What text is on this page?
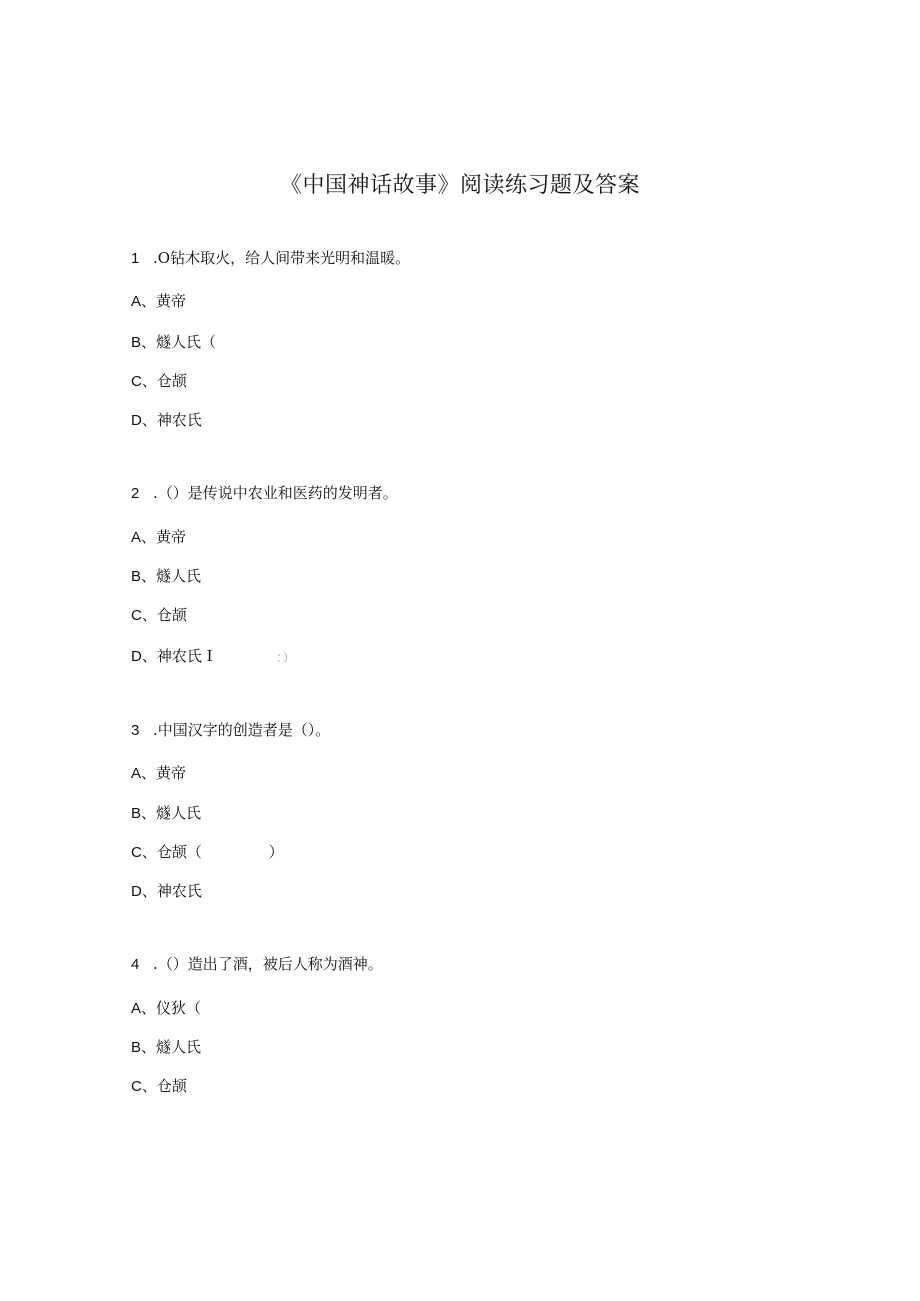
《中国神话故事》阅读练习题及答案
1 .O钻木取火，给人间带来光明和温暖。
A、黄帝
B、燧人氏（
C、仓颉
D、神农氏
2 .（）是传说中农业和医药的发明者。
A、黄帝
B、燧人氏
C、仓颉
D、神农氏 I	：）
3 .中国汉字的创造者是（）。
A、黄帝
B、燧人氏
C、仓颉（              ）
D、神农氏
4 .（）造出了酒，被后人称为酒神。
A、仪狄（
B、燧人氏
C、仓颉
